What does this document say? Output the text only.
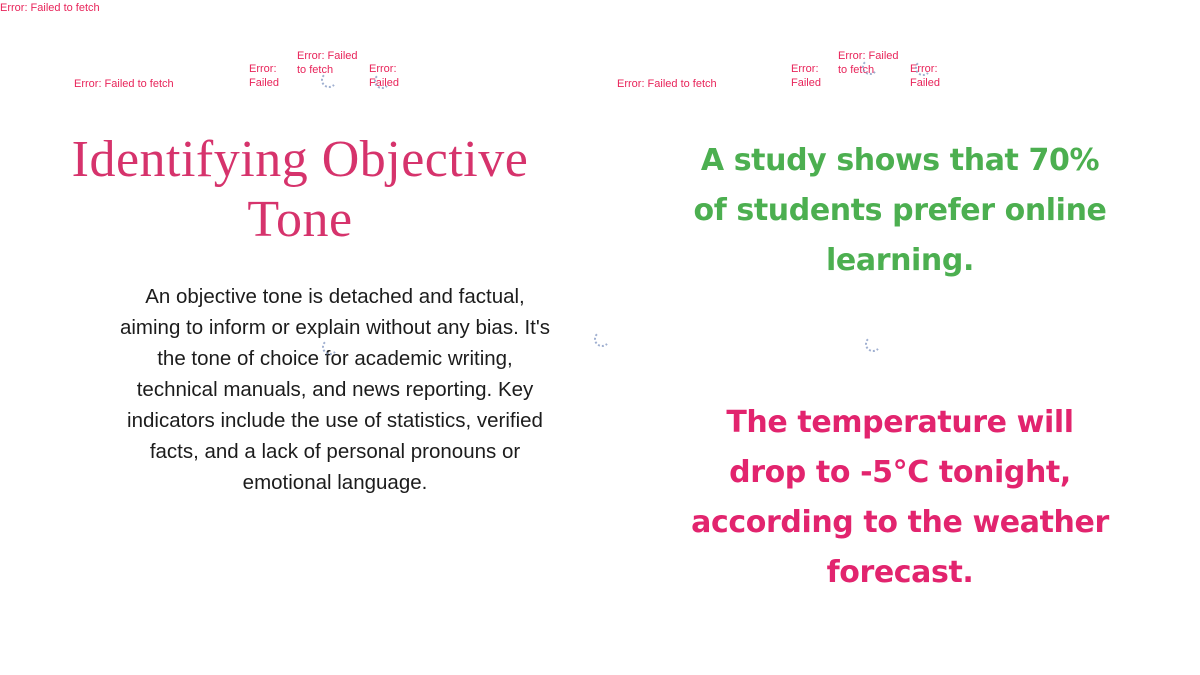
Identifying Objective Tone
An objective tone is detached and factual, aiming to inform or explain without any bias. It's the tone of choice for academic writing, technical manuals, and news reporting. Key indicators include the use of statistics, verified facts, and a lack of personal pronouns or emotional language.
A study shows that 70% of students prefer online learning.
The temperature will drop to -5°C tonight, according to the weather forecast.
Error: Failed to fetch
Error: Failed to fetch
Error:
Failed
Error: Failed
to fetch	Error:
Failed	Error: Failed to fetch
Error:
Failed
Error: Failed
to fetch	Error:
Failed
